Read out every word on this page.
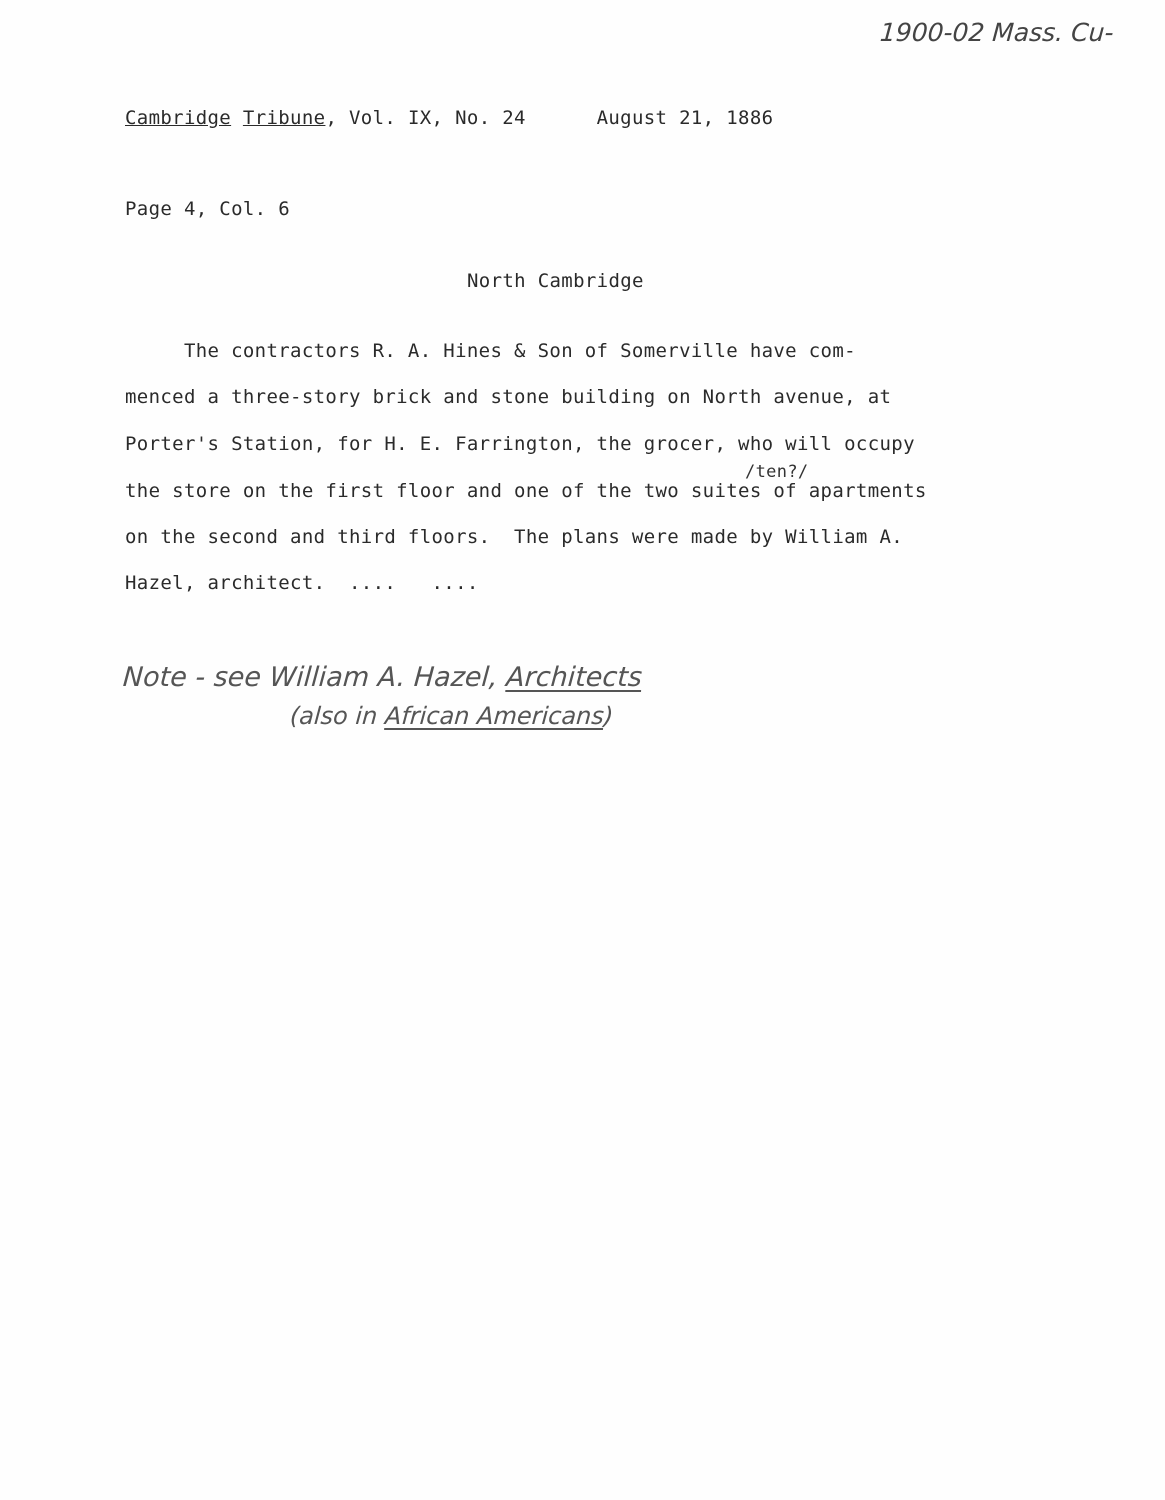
1900-02 Mass. Cu-
Cambridge Tribune, Vol. IX, No. 24      August 21, 1886
Page 4, Col. 6
North Cambridge
The contractors R. A. Hines & Son of Somerville have com-
menced a three-story brick and stone building on North avenue, at
Porter's Station, for H. E. Farrington, the grocer, who will occupy
/ten?/
the store on the first floor and one of the two suites of apartments
on the second and third floors.  The plans were made by William A.
Hazel, architect.  ....   ....
Note - see William A. Hazel, Architects
(also in African Americans)
